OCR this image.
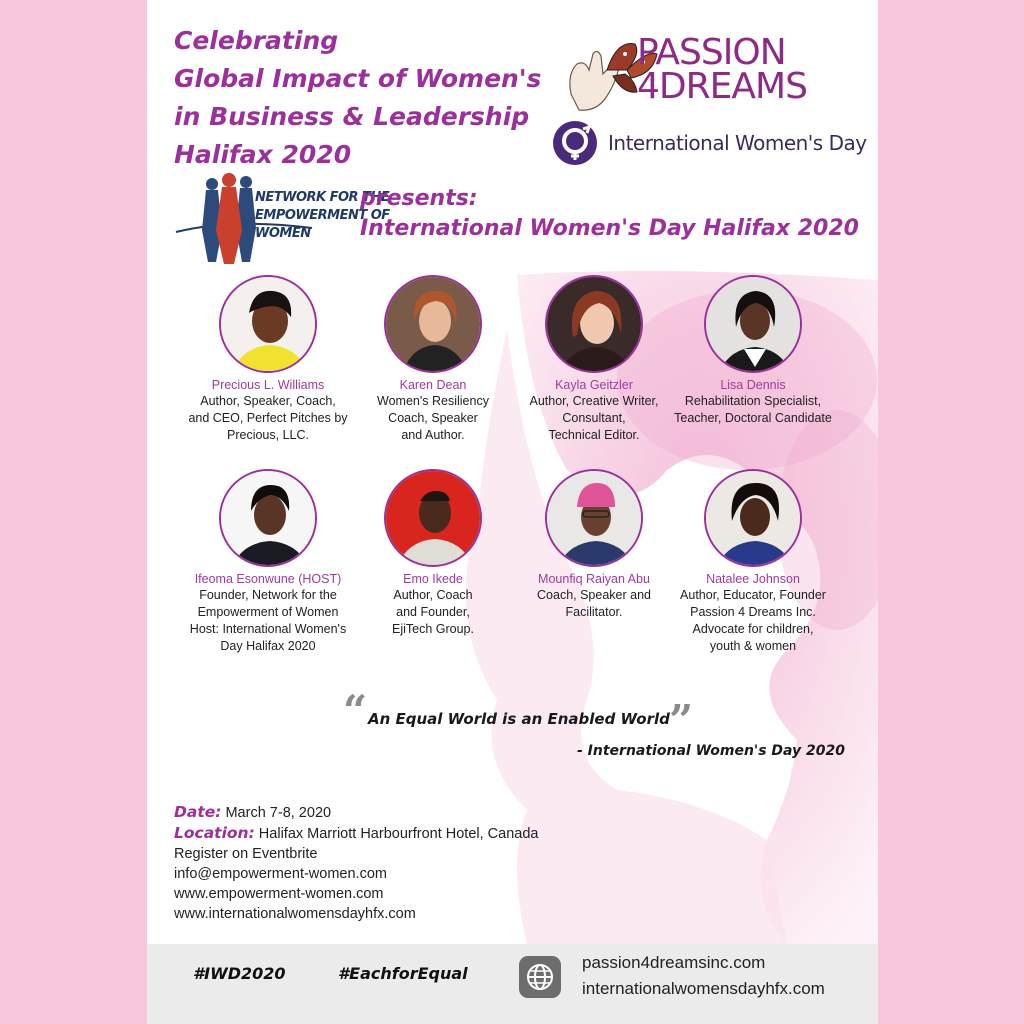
Celebrating
Global Impact of Women's
in Business & Leadership
Halifax 2020
PASSION
4DREAMS
International Women's Day
NETWORK FOR THE
EMPOWERMENT OF
WOMEN
presents:
International Women's Day Halifax 2020
Precious L. Williams
Author, Speaker, Coach,
and CEO, Perfect Pitches by
Precious, LLC.
Karen Dean
Women's Resiliency
Coach, Speaker
and Author.
Kayla Geitzler
Author, Creative Writer,
Consultant,
Technical Editor.
Lisa Dennis
Rehabilitation Specialist,
Teacher, Doctoral Candidate
Ifeoma Esonwune (HOST)
Founder, Network for the
Empowerment of Women
Host: International Women's
Day Halifax 2020
Emo Ikede
Author, Coach
and Founder,
EjiTech Group.
Mounfiq Raiyan Abu
Coach, Speaker and
Facilitator.
Natalee Johnson
Author, Educator, Founder
Passion 4 Dreams Inc.
Advocate for children,
youth & women
“ An Equal World is an Enabled World ”
- International Women's Day 2020
Date: March 7-8, 2020
Location: Halifax Marriott Harbourfront Hotel, Canada
Register on Eventbrite
info@empowerment-women.com
www.empowerment-women.com
www.internationalwomensdayhfx.com
#IWD2020	#EachforEqual
passion4dreamsinc.com
internationalwomensdayhfx.com
